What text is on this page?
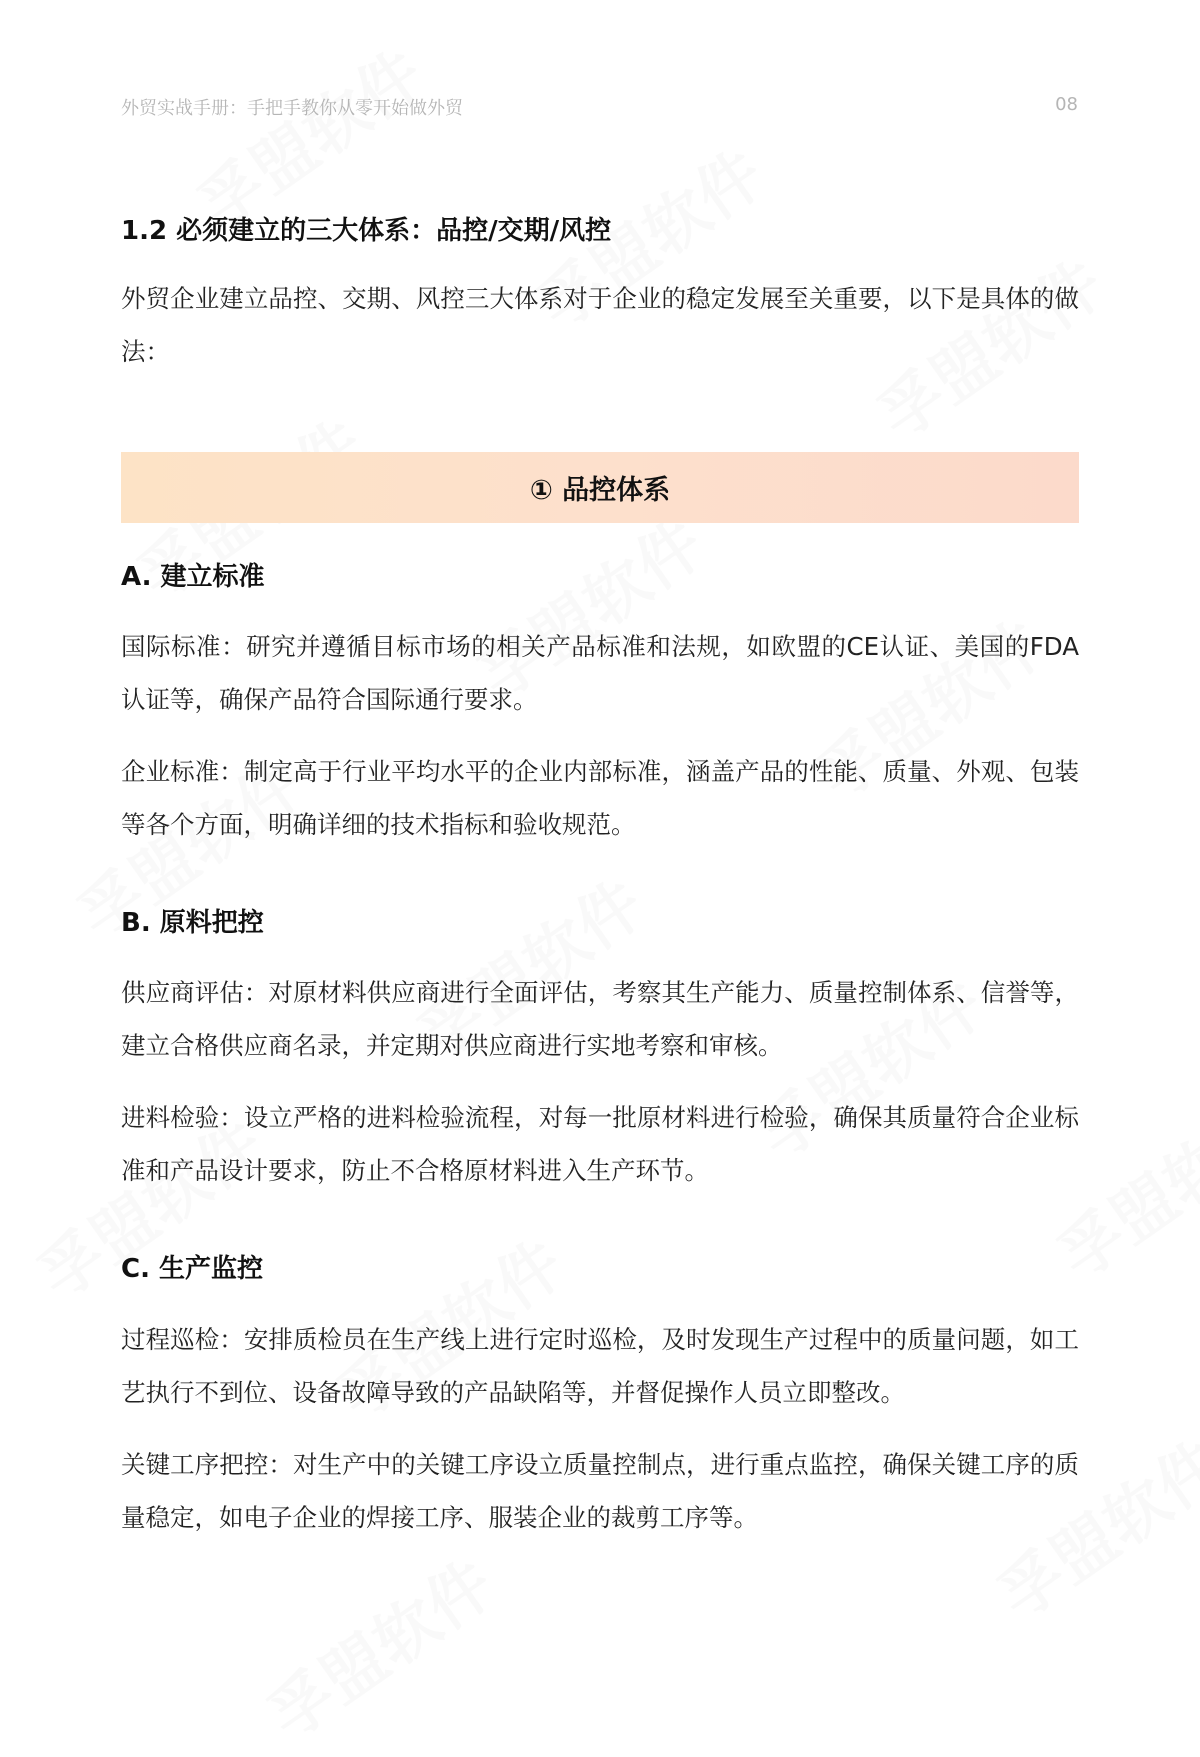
外贸实战手册：手把手教你从零开始做外贸	08
1.2 必须建立的三大体系：品控/交期/风控
外贸企业建立品控、交期、风控三大体系对于企业的稳定发展至关重要，以下是具体的做法：
① 品控体系
A. 建立标准
国际标准：研究并遵循目标市场的相关产品标准和法规，如欧盟的CE认证、美国的FDA认证等，确保产品符合国际通行要求。
企业标准：制定高于行业平均水平的企业内部标准，涵盖产品的性能、质量、外观、包装等各个方面，明确详细的技术指标和验收规范。
B. 原料把控
供应商评估：对原材料供应商进行全面评估，考察其生产能力、质量控制体系、信誉等，建立合格供应商名录，并定期对供应商进行实地考察和审核。
进料检验：设立严格的进料检验流程，对每一批原材料进行检验，确保其质量符合企业标准和产品设计要求，防止不合格原材料进入生产环节。
C. 生产监控
过程巡检：安排质检员在生产线上进行定时巡检，及时发现生产过程中的质量问题，如工艺执行不到位、设备故障导致的产品缺陷等，并督促操作人员立即整改。
关键工序把控：对生产中的关键工序设立质量控制点，进行重点监控，确保关键工序的质量稳定，如电子企业的焊接工序、服装企业的裁剪工序等。
